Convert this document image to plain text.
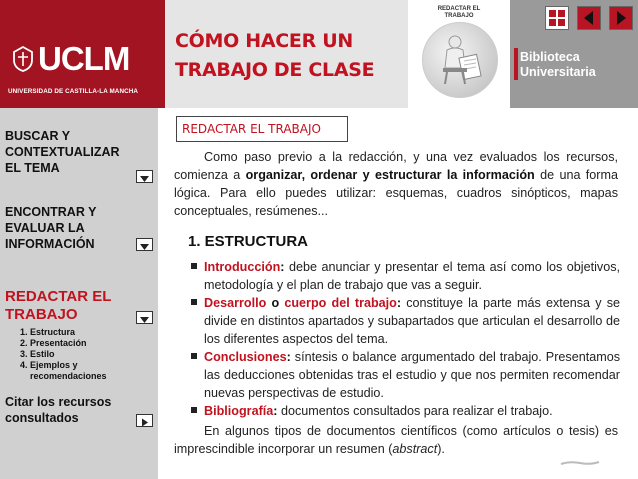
UCLM
UNIVERSIDAD DE CASTILLA-LA MANCHA
CÓMO HACER UN
TRABAJO DE CLASE
REDACTAR EL
TRABAJO
Biblioteca
Universitaria
BUSCAR Y
CONTEXTUALIZAR
EL TEMA
ENCONTRAR Y
EVALUAR LA
INFORMACIÓN
REDACTAR EL
TRABAJO
1. Estructura
2. Presentación
3. Estilo
4. Ejemplos y
recomendaciones
Citar los recursos
consultados
REDACTAR EL TRABAJO
Como paso previo a la redacción, y una vez evaluados los recursos, comienza a organizar, ordenar y estructurar la información de una forma lógica. Para ello puedes utilizar: esquemas, cuadros sinópticos, mapas conceptuales, resúmenes...
1. ESTRUCTURA
Introducción: debe anunciar y presentar el tema así como los objetivos, metodología y el plan de trabajo que vas a seguir.
Desarrollo o cuerpo del trabajo: constituye la parte más extensa y se divide en distintos apartados y subapartados que articulan el desarrollo de los diferentes aspectos del tema.
Conclusiones: síntesis o balance argumentado del trabajo. Presentamos las deducciones obtenidas tras el estudio y que nos permiten recomendar nuevas perspectivas de estudio.
Bibliografía: documentos consultados para realizar el trabajo.
En algunos tipos de documentos científicos (como artículos o tesis) es imprescindible incorporar un resumen (abstract).
